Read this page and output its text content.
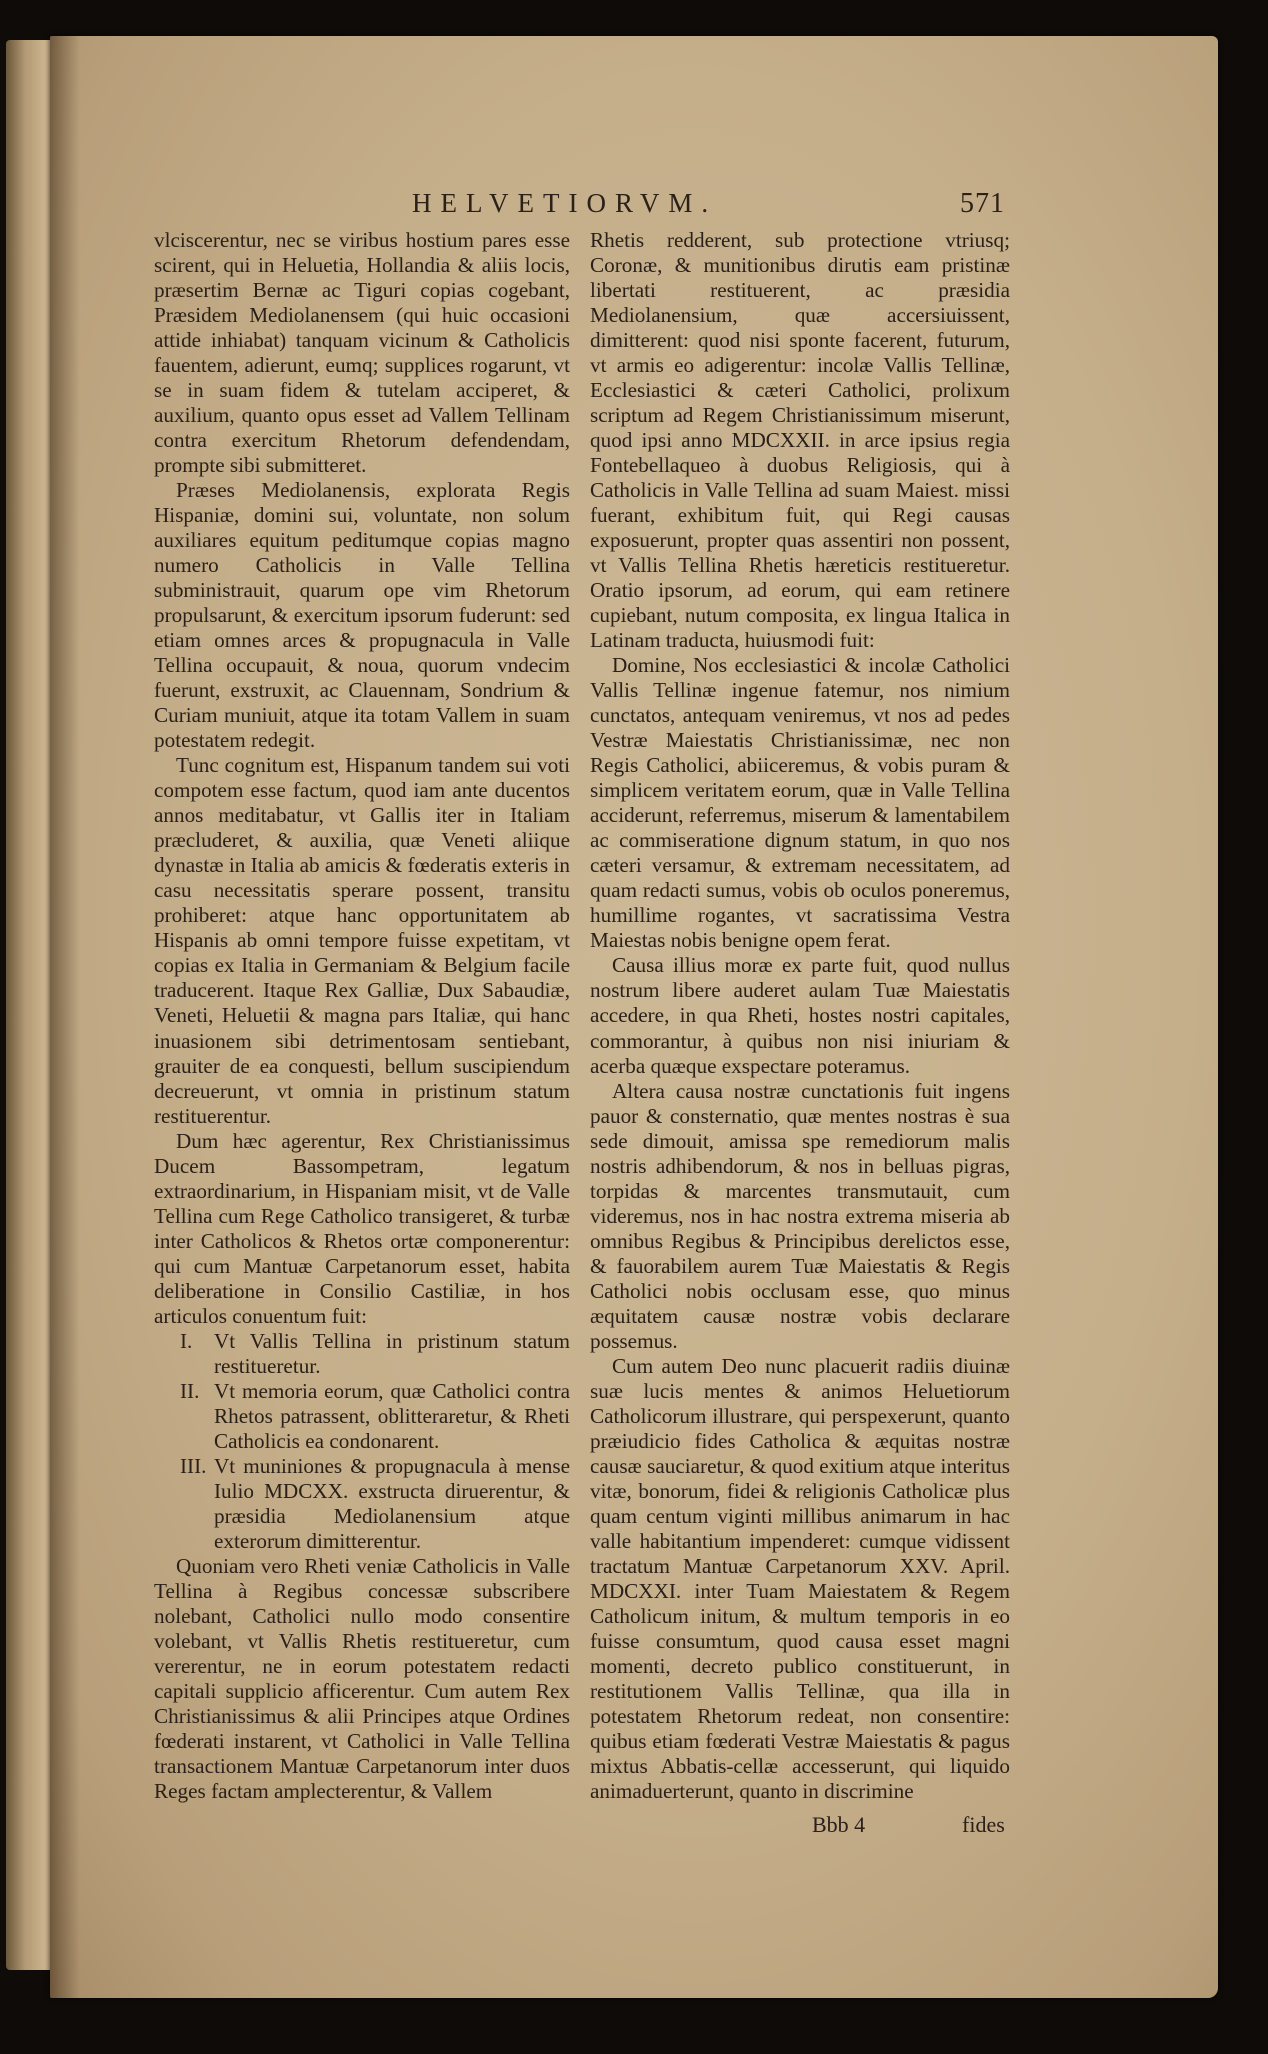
HELVETIORVM.	571

vlciscerentur, nec se viribus hostium pares esse scirent, qui in Heluetia, Hollandia & aliis locis, præsertim Bernæ ac Tiguri copias cogebant, Præsidem Mediolanensem (qui huic occasioni attide inhiabat) tanquam vicinum & Catholicis fauentem, adierunt, eumq; supplices rogarunt, vt se in suam fidem & tutelam acciperet, & auxilium, quanto opus esset ad Vallem Tellinam contra exercitum Rhetorum defendendam, prompte sibi submitteret.

Præses Mediolanensis, explorata Regis Hispaniæ, domini sui, voluntate, non solum auxiliares equitum peditumque copias magno numero Catholicis in Valle Tellina subministrauit, quarum ope vim Rhetorum propulsarunt, & exercitum ipsorum fuderunt: sed etiam omnes arces & propugnacula in Valle Tellina occupauit, & noua, quorum vndecim fuerunt, exstruxit, ac Clauennam, Sondrium & Curiam muniuit, atque ita totam Vallem in suam potestatem redegit.

Tunc cognitum est, Hispanum tandem sui voti compotem esse factum, quod iam ante ducentos annos meditabatur, vt Gallis iter in Italiam præcluderet, & auxilia, quæ Veneti aliique dynastæ in Italia ab amicis & fœderatis exteris in casu necessitatis sperare possent, transitu prohiberet: atque hanc opportunitatem ab Hispanis ab omni tempore fuisse expetitam, vt copias ex Italia in Germaniam & Belgium facile traducerent. Itaque Rex Galliæ, Dux Sabaudiæ, Veneti, Heluetii & magna pars Italiæ, qui hanc inuasionem sibi detrimentosam sentiebant, grauiter de ea conquesti, bellum suscipiendum decreuerunt, vt omnia in pristinum statum restituerentur.

Dum hæc agerentur, Rex Christianissimus Ducem Bassompetram, legatum extraordinarium, in Hispaniam misit, vt de Valle Tellina cum Rege Catholico transigeret, & turbæ inter Catholicos & Rhetos ortæ componerentur: qui cum Mantuæ Carpetanorum esset, habita deliberatione in Consilio Castiliæ, in hos articulos conuentum fuit:

I.	Vt Vallis Tellina in pristinum statum restitueretur.
II. Vt memoria eorum, quæ Catholici contra Rhetos patrassent, oblitteraretur, & Rheti Catholicis ea condonarent.
III. Vt muniniones & propugnacula à mense Iulio MDCXX. exstructa diruerentur, & præsidia Mediolanensium atque exterorum dimitterentur.

Quoniam vero Rheti veniæ Catholicis in Valle Tellina à Regibus concessæ subscribere nolebant, Catholici nullo modo consentire volebant, vt Vallis Rhetis restitueretur, cum vererentur, ne in eorum potestatem redacti capitali supplicio afficerentur. Cum autem Rex Christianissimus & alii Principes atque Ordines fœderati instarent, vt Catholici in Valle Tellina transactionem Mantuæ Carpetanorum inter duos Reges factam amplecterentur, & Vallem

Rhetis redderent, sub protectione vtriusq; Coronæ, & munitionibus dirutis eam pristinæ libertati restituerent, ac præsidia Mediolanensium, quæ accersiuissent, dimitterent: quod nisi sponte facerent, futurum, vt armis eo adigerentur: incolæ Vallis Tellinæ, Ecclesiastici & cæteri Catholici, prolixum scriptum ad Regem Christianissimum miserunt, quod ipsi anno MDCXXII. in arce ipsius regia Fontebellaqueo à duobus Religiosis, qui à Catholicis in Valle Tellina ad suam Maiest. missi fuerant, exhibitum fuit, qui Regi causas exposuerunt, propter quas assentiri non possent, vt Vallis Tellina Rhetis hæreticis restitueretur. Oratio ipsorum, ad eorum, qui eam retinere cupiebant, nutum composita, ex lingua Italica in Latinam traducta, huiusmodi fuit:

Domine, Nos ecclesiastici & incolæ Catholici Vallis Tellinæ ingenue fatemur, nos nimium cunctatos, antequam veniremus, vt nos ad pedes Vestræ Maiestatis Christianissimæ, nec non Regis Catholici, abiiceremus, & vobis puram & simplicem veritatem eorum, quæ in Valle Tellina acciderunt, referremus, miserum & lamentabilem ac commiseratione dignum statum, in quo nos cæteri versamur, & extremam necessitatem, ad quam redacti sumus, vobis ob oculos poneremus, humillime rogantes, vt sacratissima Vestra Maiestas nobis benigne opem ferat.

Causa illius moræ ex parte fuit, quod nullus nostrum libere auderet aulam Tuæ Maiestatis accedere, in qua Rheti, hostes nostri capitales, commorantur, à quibus non nisi iniuriam & acerba quæque exspectare poteramus.

Altera causa nostræ cunctationis fuit ingens pauor & consternatio, quæ mentes nostras è sua sede dimouit, amissa spe remediorum malis nostris adhibendorum, & nos in belluas pigras, torpidas & marcentes transmutauit, cum videremus, nos in hac nostra extrema miseria ab omnibus Regibus & Principibus derelictos esse, & fauorabilem aurem Tuæ Maiestatis & Regis Catholici nobis occlusam esse, quo minus æquitatem causæ nostræ vobis declarare possemus.

Cum autem Deo nunc placuerit radiis diuinæ suæ lucis mentes & animos Heluetiorum Catholicorum illustrare, qui perspexerunt, quanto præiudicio fides Catholica & æquitas nostræ causæ sauciaretur, & quod exitium atque interitus vitæ, bonorum, fidei & religionis Catholicæ plus quam centum viginti millibus animarum in hac valle habitantium impenderet: cumque vidissent tractatum Mantuæ Carpetanorum XXV. April. MDCXXI. inter Tuam Maiestatem & Regem Catholicum initum, & multum temporis in eo fuisse consumtum, quod causa esset magni momenti, decreto publico constituerunt, in restitutionem Vallis Tellinæ, qua illa in potestatem Rhetorum redeat, non consentire: quibus etiam fœderati Vestræ Maiestatis & pagus mixtus Abbatis-cellæ accesserunt, qui liquido animaduerterunt, quanto in discrimine

Bbb 4	fides
